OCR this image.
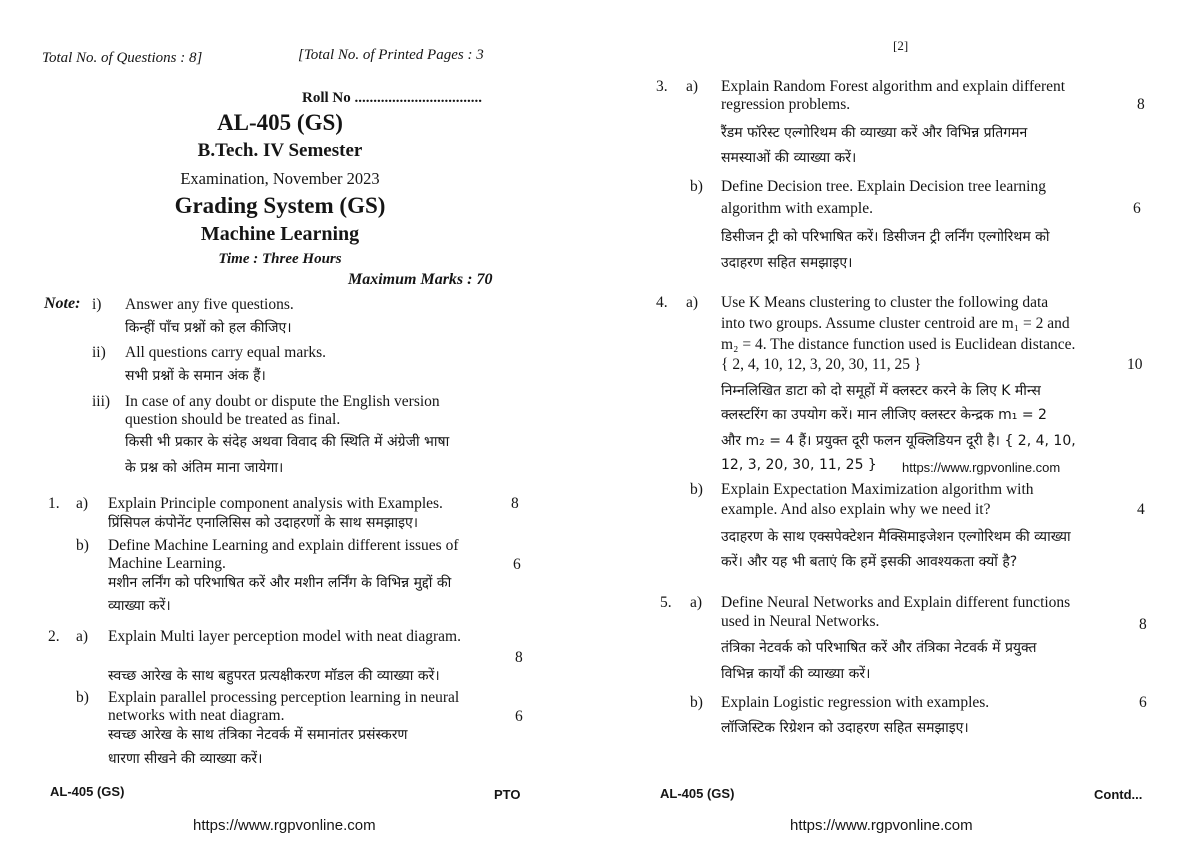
Total No. of Questions : 8]	[Total No. of Printed Pages : 3
Roll No ..................................
AL-405 (GS)
B.Tech. IV Semester
Examination, November 2023
Grading System (GS)
Machine Learning
Time : Three Hours
Maximum Marks : 70
Note: i) Answer any five questions.
किन्हीं पाँच प्रश्नों को हल कीजिए।
ii) All questions carry equal marks.
सभी प्रश्नों के समान अंक हैं।
iii) In case of any doubt or dispute the English version
question should be treated as final.
किसी भी प्रकार के संदेह अथवा विवाद की स्थिति में अंग्रेजी भाषा
के प्रश्न को अंतिम माना जायेगा।
1. a) Explain Principle component analysis with Examples.	8
प्रिंसिपल कंपोनेंट एनालिसिस को उदाहरणों के साथ समझाइए।
b) Define Machine Learning and explain different issues of
Machine Learning.	6
मशीन लर्निंग को परिभाषित करें और मशीन लर्निंग के विभिन्न मुद्दों की
व्याख्या करें।
2. a) Explain Multi layer perception model with neat diagram.
8
स्वच्छ आरेख के साथ बहुपरत प्रत्यक्षीकरण मॉडल की व्याख्या करें।
b) Explain parallel processing perception learning in neural
networks with neat diagram.	6
स्वच्छ आरेख के साथ तंत्रिका नेटवर्क में समानांतर प्रसंस्करण
धारणा सीखने की व्याख्या करें।
AL-405 (GS)	PTO
https://www.rgpvonline.com
[2]
3. a) Explain Random Forest algorithm and explain different
regression problems.	8
रैंडम फॉरेस्ट एल्गोरिथम की व्याख्या करें और विभिन्न प्रतिगमन
समस्याओं की व्याख्या करें।
b) Define Decision tree. Explain Decision tree learning
algorithm with example.	6
डिसीजन ट्री को परिभाषित करें। डिसीजन ट्री लर्निंग एल्गोरिथम को
उदाहरण सहित समझाइए।
4. a) Use K Means clustering to cluster the following data
into two groups. Assume cluster centroid are m₁ = 2 and
m₂ = 4. The distance function used is Euclidean distance.
{ 2, 4, 10, 12, 3, 20, 30, 11, 25 }	10
निम्नलिखित डाटा को दो समूहों में क्लस्टर करने के लिए K मीन्स
क्लस्टरिंग का उपयोग करें। मान लीजिए क्लस्टर केन्द्रक m₁ = 2
और m₂ = 4 हैं। प्रयुक्त दूरी फलन यूक्लिडियन दूरी है। { 2, 4, 10,
12, 3, 20, 30, 11, 25 } https://www.rgpvonline.com
b) Explain Expectation Maximization algorithm with
example. And also explain why we need it?	4
उदाहरण के साथ एक्सपेक्टेशन मैक्सिमाइजेशन एल्गोरिथम की व्याख्या
करें। और यह भी बताएं कि हमें इसकी आवश्यकता क्यों है?
5. a) Define Neural Networks and Explain different functions
used in Neural Networks.	8
तंत्रिका नेटवर्क को परिभाषित करें और तंत्रिका नेटवर्क में प्रयुक्त
विभिन्न कार्यों की व्याख्या करें।
b) Explain Logistic regression with examples.	6
लॉजिस्टिक रिग्रेशन को उदाहरण सहित समझाइए।
AL-405 (GS)	Contd...
https://www.rgpvonline.com
